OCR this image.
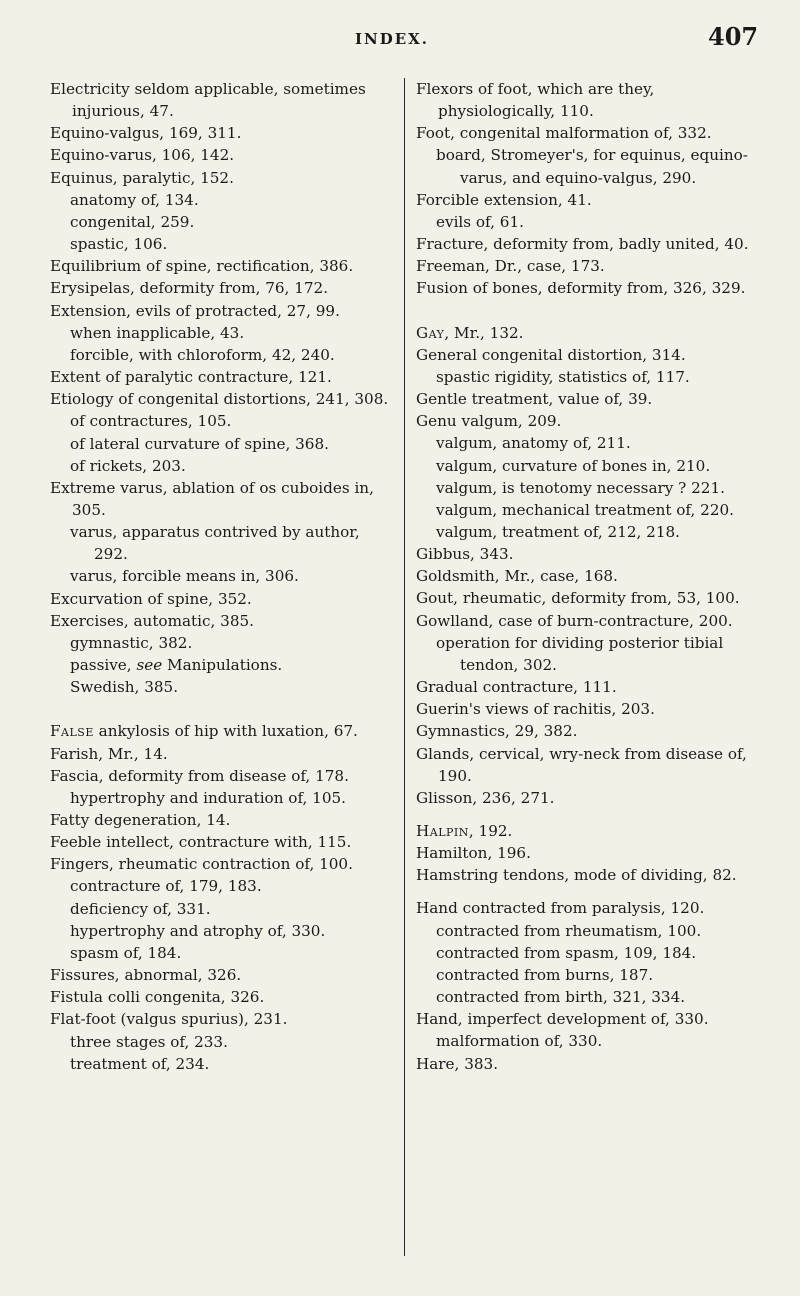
INDEX.	407

Electricity seldom applicable, sometimes injurious, 47.

Equino-valgus, 169, 311.

Equino-varus, 106, 142.

Equinus, paralytic, 152.

anatomy of, 134.

congenital, 259.

spastic, 106.

Equilibrium of spine, rectification, 386.

Erysipelas, deformity from, 76, 172.

Extension, evils of protracted, 27, 99.

when inapplicable, 43.

forcible, with chloroform, 42, 240.

Extent of paralytic contracture, 121.

Etiology of congenital distortions, 241, 308.

of contractures, 105.

of lateral curvature of spine, 368.

of rickets, 203.

Extreme varus, ablation of os cuboides in, 305.

varus, apparatus contrived by author, 292.

varus, forcible means in, 306.

Excurvation of spine, 352.

Exercises, automatic, 385.

gymnastic, 382.

passive, see Manipulations.

Swedish, 385.

False ankylosis of hip with luxation, 67.

Farish, Mr., 14.

Fascia, deformity from disease of, 178.

hypertrophy and induration of, 105.

Fatty degeneration, 14.

Feeble intellect, contracture with, 115.

Fingers, rheumatic contraction of, 100.

contracture of, 179, 183.

deficiency of, 331.

hypertrophy and atrophy of, 330.

spasm of, 184.

Fissures, abnormal, 326.

Fistula colli congenita, 326.

Flat-foot (valgus spurius), 231.

three stages of, 233.

treatment of, 234.

Flexors of foot, which are they, physiologically, 110.

Foot, congenital malformation of, 332.

board, Stromeyer's, for equinus, equino-varus, and equino-valgus, 290.

Forcible extension, 41.

evils of, 61.

Fracture, deformity from, badly united, 40.

Freeman, Dr., case, 173.

Fusion of bones, deformity from, 326, 329.

Gay, Mr., 132.

General congenital distortion, 314.

spastic rigidity, statistics of, 117.

Gentle treatment, value of, 39.

Genu valgum, 209.

valgum, anatomy of, 211.

valgum, curvature of bones in, 210.

valgum, is tenotomy necessary ? 221.

valgum, mechanical treatment of, 220.

valgum, treatment of, 212, 218.

Gibbus, 343.

Goldsmith, Mr., case, 168.

Gout, rheumatic, deformity from, 53, 100.

Gowlland, case of burn-contracture, 200.

operation for dividing posterior tibial tendon, 302.

Gradual contracture, 111.

Guerin's views of rachitis, 203.

Gymnastics, 29, 382.

Glands, cervical, wry-neck from disease of, 190.

Glisson, 236, 271.

Halpin, 192.

Hamilton, 196.

Hamstring tendons, mode of dividing, 82.

Hand contracted from paralysis, 120.

contracted from rheumatism, 100.

contracted from spasm, 109, 184.

contracted from burns, 187.

contracted from birth, 321, 334.

Hand, imperfect development of, 330.

malformation of, 330.

Hare, 383.
